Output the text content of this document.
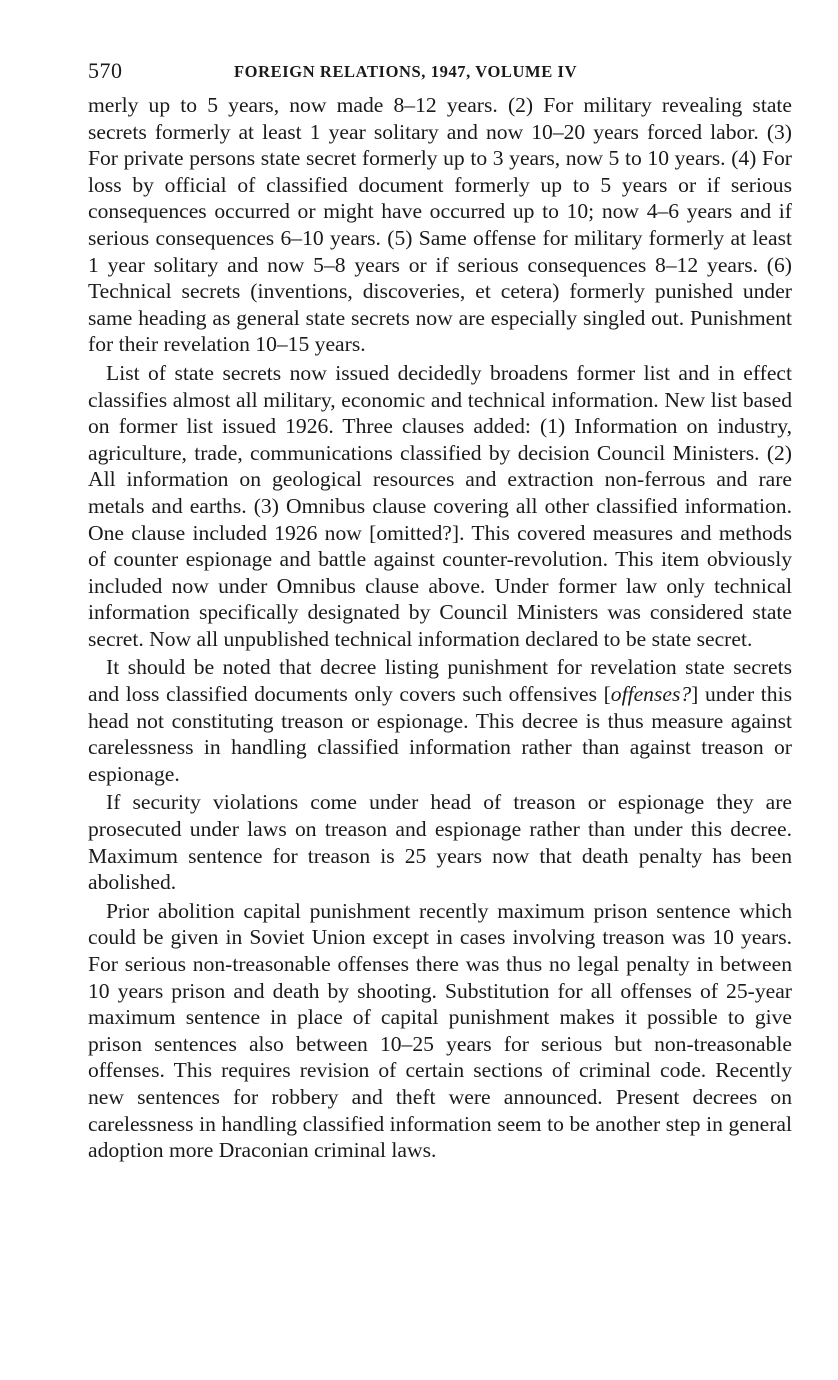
570	FOREIGN RELATIONS, 1947, VOLUME IV

merly up to 5 years, now made 8–12 years. (2) For military revealing state secrets formerly at least 1 year solitary and now 10–20 years forced labor. (3) For private persons state secret formerly up to 3 years, now 5 to 10 years. (4) For loss by official of classified document formerly up to 5 years or if serious consequences occurred or might have occurred up to 10; now 4–6 years and if serious consequences 6–10 years. (5) Same offense for military formerly at least 1 year solitary and now 5–8 years or if serious consequences 8–12 years. (6) Technical secrets (inventions, discoveries, et cetera) formerly punished under same heading as general state secrets now are especially singled out. Punishment for their revelation 10–15 years.

List of state secrets now issued decidedly broadens former list and in effect classifies almost all military, economic and technical information. New list based on former list issued 1926. Three clauses added: (1) Information on industry, agriculture, trade, communications classified by decision Council Ministers. (2) All information on geological resources and extraction non-ferrous and rare metals and earths. (3) Omnibus clause covering all other classified information. One clause included 1926 now [omitted?]. This covered measures and methods of counter espionage and battle against counter-revolution. This item obviously included now under Omnibus clause above. Under former law only technical information specifically designated by Council Ministers was considered state secret. Now all unpublished technical information declared to be state secret.

It should be noted that decree listing punishment for revelation state secrets and loss classified documents only covers such offensives [offenses?] under this head not constituting treason or espionage. This decree is thus measure against carelessness in handling classified information rather than against treason or espionage.

If security violations come under head of treason or espionage they are prosecuted under laws on treason and espionage rather than under this decree. Maximum sentence for treason is 25 years now that death penalty has been abolished.

Prior abolition capital punishment recently maximum prison sentence which could be given in Soviet Union except in cases involving treason was 10 years. For serious non-treasonable offenses there was thus no legal penalty in between 10 years prison and death by shooting. Substitution for all offenses of 25-year maximum sentence in place of capital punishment makes it possible to give prison sentences also between 10–25 years for serious but non-treasonable offenses. This requires revision of certain sections of criminal code. Recently new sentences for robbery and theft were announced. Present decrees on carelessness in handling classified information seem to be another step in general adoption more Draconian criminal laws.
